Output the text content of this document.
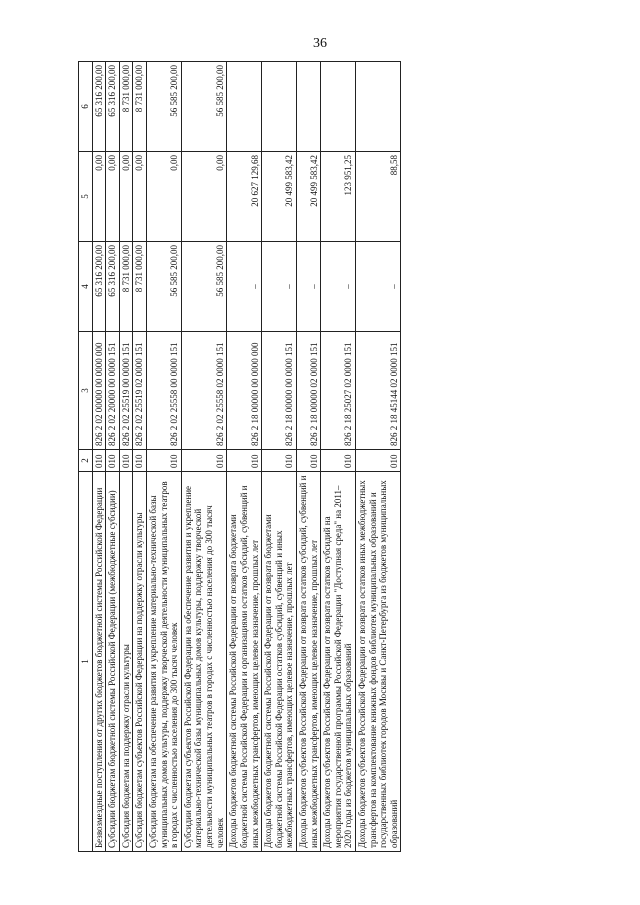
36
1	2	3	4	5	6
Безвозмездные поступления от других бюджетов бюджетной системы Российской Федерации	010	826 2 02 00000 00 0000 000	65 316 200,00	0,00	65 316 200,00
Субсидии бюджетам бюджетной системы Российской Федерации (межбюджетные субсидии)	010	826 2 02 20000 00 0000 151	65 316 200,00	0,00	65 316 200,00
Субсидия бюджетам на поддержку отрасли культуры	010	826 2 02 25519 00 0000 151	8 731 000,00	0,00	8 731 000,00
Субсидия бюджетам субъектов Российской Федерации на поддержку отрасли культуры	010	826 2 02 25519 02 0000 151	8 731 000,00	0,00	8 731 000,00
Субсидии бюджетам на обеспечение развития и укрепление материально-технической базы муниципальных домов культуры, поддержку творческой деятельности муниципальных театров в городах с численностью населения до 300 тысяч человек	010	826 2 02 25558 00 0000 151	56 585 200,00	0,00	56 585 200,00
Субсидии бюджетам субъектов Российской Федерации на обеспечение развития и укрепление материально-технической базы муниципальных домов культуры, поддержку творческой деятельности муниципальных театров в городах с численностью населения до 300 тысяч человек	010	826 2 02 25558 02 0000 151	56 585 200,00	0,00	56 585 200,00
Доходы бюджетов бюджетной системы Российской Федерации от возврата бюджетами бюджетной системы Российской Федерации и организациями остатков субсидий, субвенций и иных межбюджетных трансфертов, имеющих целевое назначение, прошлых лет	010	826 2 18 00000 00 0000 000	–	20 627 129,68	
Доходы бюджетов бюджетной системы Российской Федерации от возврата бюджетами бюджетной системы Российской Федерации остатков субсидий, субвенций и иных межбюджетных трансфертов, имеющих целевое назначение, прошлых лет	010	826 2 18 00000 00 0000 151	–	20 499 583,42	
Доходы бюджетов субъектов Российской Федерации от возврата остатков субсидий, субвенций и иных межбюджетных трансфертов, имеющих целевое назначение, прошлых лет	010	826 2 18 00000 02 0000 151	–	20 499 583,42	
Доходы бюджетов субъектов Российской Федерации от возврата остатков субсидий на мероприятия государственной программы Российской Федерации "Доступная среда" на 2011–2020 годы из бюджетов муниципальных образований	010	826 2 18 25027 02 0000 151	–	123 951,25	
Доходы бюджетов субъектов Российской Федерации от возврата остатков иных межбюджетных трансфертов на комплектование книжных фондов библиотек муниципальных образований и государственных библиотек городов Москвы и Санкт-Петербурга из бюджетов муниципальных образований	010	826 2 18 45144 02 0000 151	–	88,58	
